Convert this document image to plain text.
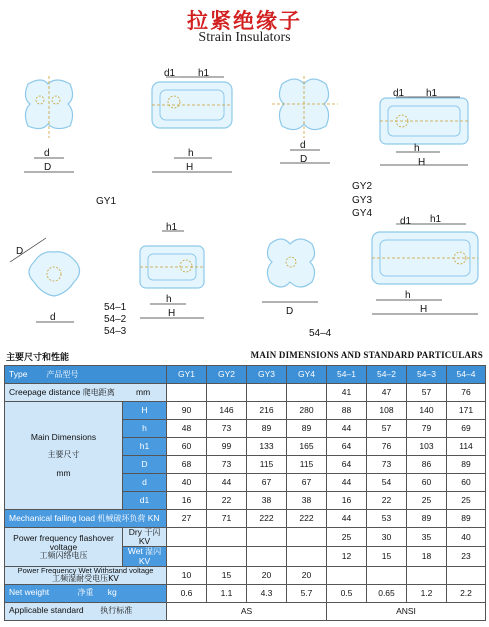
拉紧绝缘子
Strain Insulators
d
D
d1 h1
h
H
d
D
d1 h1
h
H
D
d
h1
h
H	D
d1 h1
h
H
GY1
GY2
GY3
GY4
54–1
54–2
54–3	54–4
主要尺寸和性能	MAIN DIMENSIONS AND STANDARD PARTICULARS
Type 产品型号		GY1	GY2	GY3	GY4	54–1	54–2	54–3	54–4
Creepage distance 爬电距离 mm						41	47	57	76

Main Dimensions
主要尺寸
mm	H	90	146	216	280	88	108	140	171
	h	48	73	89	89	44	57	79	69
	h1	60	99	133	165	64	76	103	114
	D	68	73	115	115	64	73	86	89
	d	40	44	67	67	44	54	60	60
	d1	16	22	38	38	16	22	25	25
Mechanical failing load 机械破坏负荷 KN		27	71	222	222	44	53	89	89

Power frequency flashover voltage
工频闪络电压	Dry 干闪 KV					25	30	35	40
	Wet 湿闪 KV					12	15	18	23

Power Frequency Wet Withstand voltage
工频湿耐受电压KV		10	15	20	20				
Net weight 净重 kg		0.6	1.1	4.3	5.7	0.5	0.65	1.2	2.2
Applicable standard 执行标准		AS				ANSI			
